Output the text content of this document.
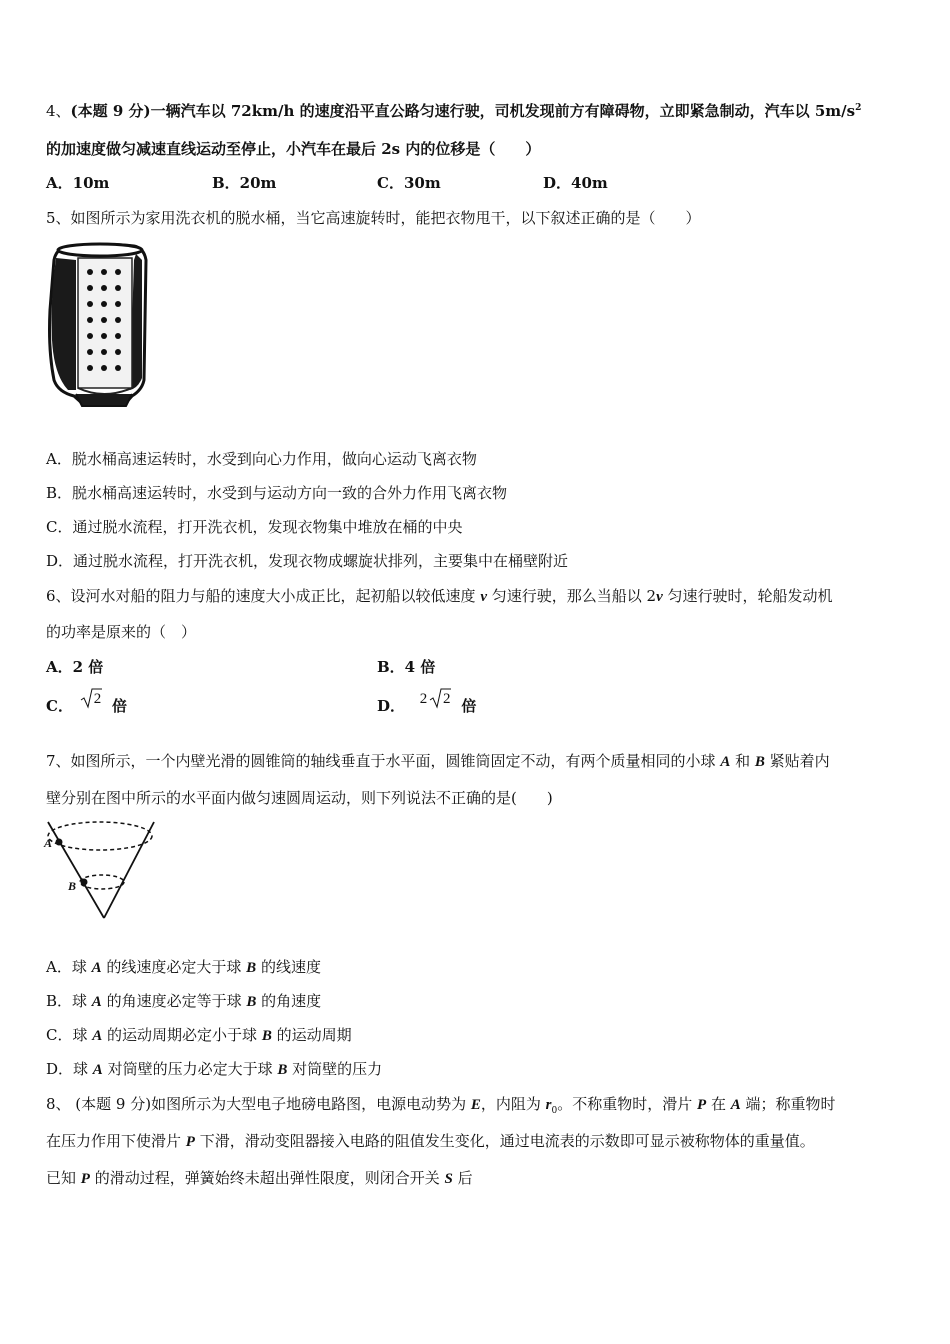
4、(本题 9 分)一辆汽车以 72km/h 的速度沿平直公路匀速行驶，司机发现前方有障碍物，立即紧急制动，汽车以 $5m/s^2$
的加速度做匀减速直线运动至停止，小汽车在最后 2s 内的位移是（　　）
A．10m	B．20m	C．30m	D．40m
5、如图所示为家用洗衣机的脱水桶，当它高速旋转时，能把衣物甩干，以下叙述正确的是（　　）
A．脱水桶高速运转时，水受到向心力作用，做向心运动飞离衣物
B．脱水桶高速运转时，水受到与运动方向一致的合外力作用飞离衣物
C．通过脱水流程，打开洗衣机，发现衣物集中堆放在桶的中央
D．通过脱水流程，打开洗衣机，发现衣物成螺旋状排列，主要集中在桶壁附近
6、设河水对船的阻力与船的速度大小成正比，起初船以较低速度 v 匀速行驶，那么当船以 2v 匀速行驶时，轮船发动机
的功率是原来的（　）
A．2 倍	B．4 倍
C． 2 倍	D． 2 2 倍
7、如图所示，一个内壁光滑的圆锥筒的轴线垂直于水平面，圆锥筒固定不动，有两个质量相同的小球 A 和 B 紧贴着内
壁分别在图中所示的水平面内做匀速圆周运动，则下列说法不正确的是(　　)
A
B
A．球 A 的线速度必定大于球 B 的线速度
B．球 A 的角速度必定等于球 B 的角速度
C．球 A 的运动周期必定小于球 B 的运动周期
D．球 A 对筒壁的压力必定大于球 B 对筒壁的压力
8、 (本题 9 分)如图所示为大型电子地磅电路图，电源电动势为 E，内阻为 $r_0$。不称重物时，滑片 P 在 A 端；称重物时
在压力作用下使滑片 P 下滑，滑动变阻器接入电路的阻值发生变化，通过电流表的示数即可显示被称物体的重量值。
已知 P 的滑动过程，弹簧始终未超出弹性限度，则闭合开关 S 后
